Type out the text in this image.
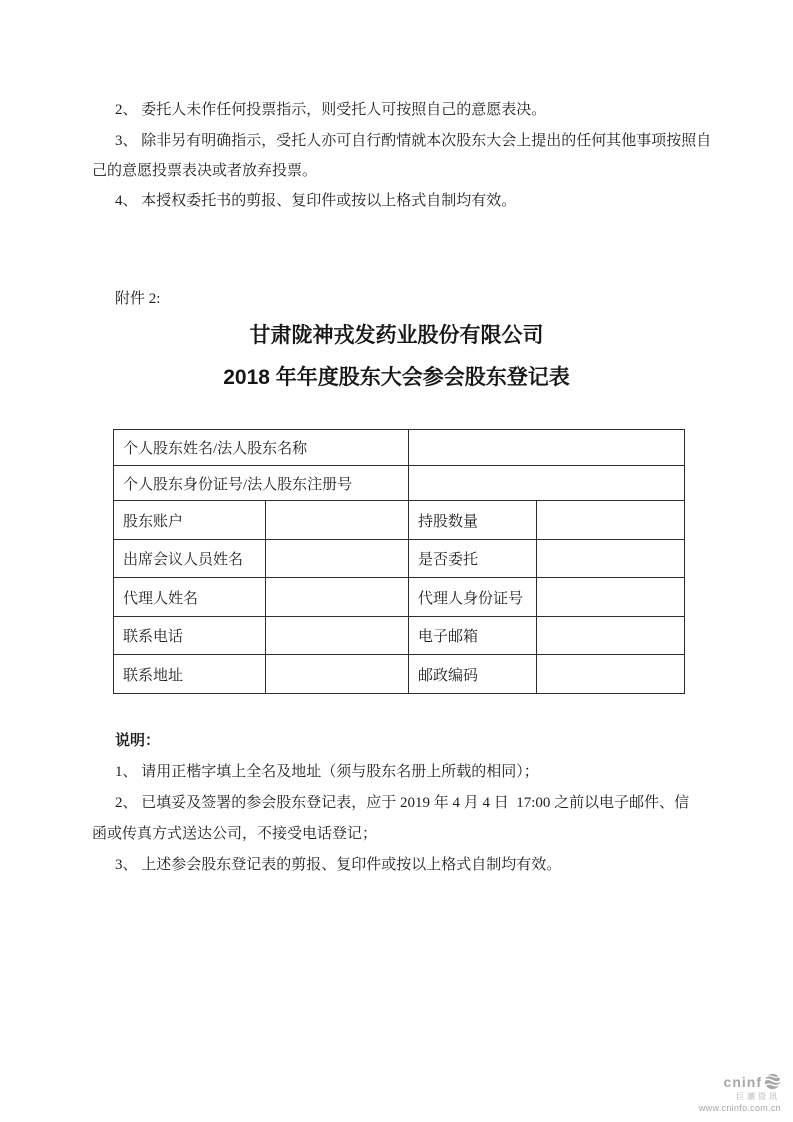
2、 委托人未作任何投票指示，则受托人可按照自己的意愿表决。
3、 除非另有明确指示，受托人亦可自行酌情就本次股东大会上提出的任何其他事项按照自
己的意愿投票表决或者放弃投票。
4、 本授权委托书的剪报、复印件或按以上格式自制均有效。
附件 2:
甘肃陇神戎发药业股份有限公司
2018 年年度股东大会参会股东登记表
个人股东姓名/法人股东名称			
个人股东身份证号/法人股东注册号			
股东账户		持股数量	
出席会议人员姓名		是否委托	
代理人姓名		代理人身份证号	
联系电话		电子邮箱	
联系地址		邮政编码	
说明：
1、 请用正楷字填上全名及地址（须与股东名册上所载的相同）；
2、 已填妥及签署的参会股东登记表，应于 2019 年 4 月 4 日  17:00 之前以电子邮件、信
函或传真方式送达公司，不接受电话登记；
3、 上述参会股东登记表的剪报、复印件或按以上格式自制均有效。
cninf
巨潮资讯
www.cninfo.com.cn
